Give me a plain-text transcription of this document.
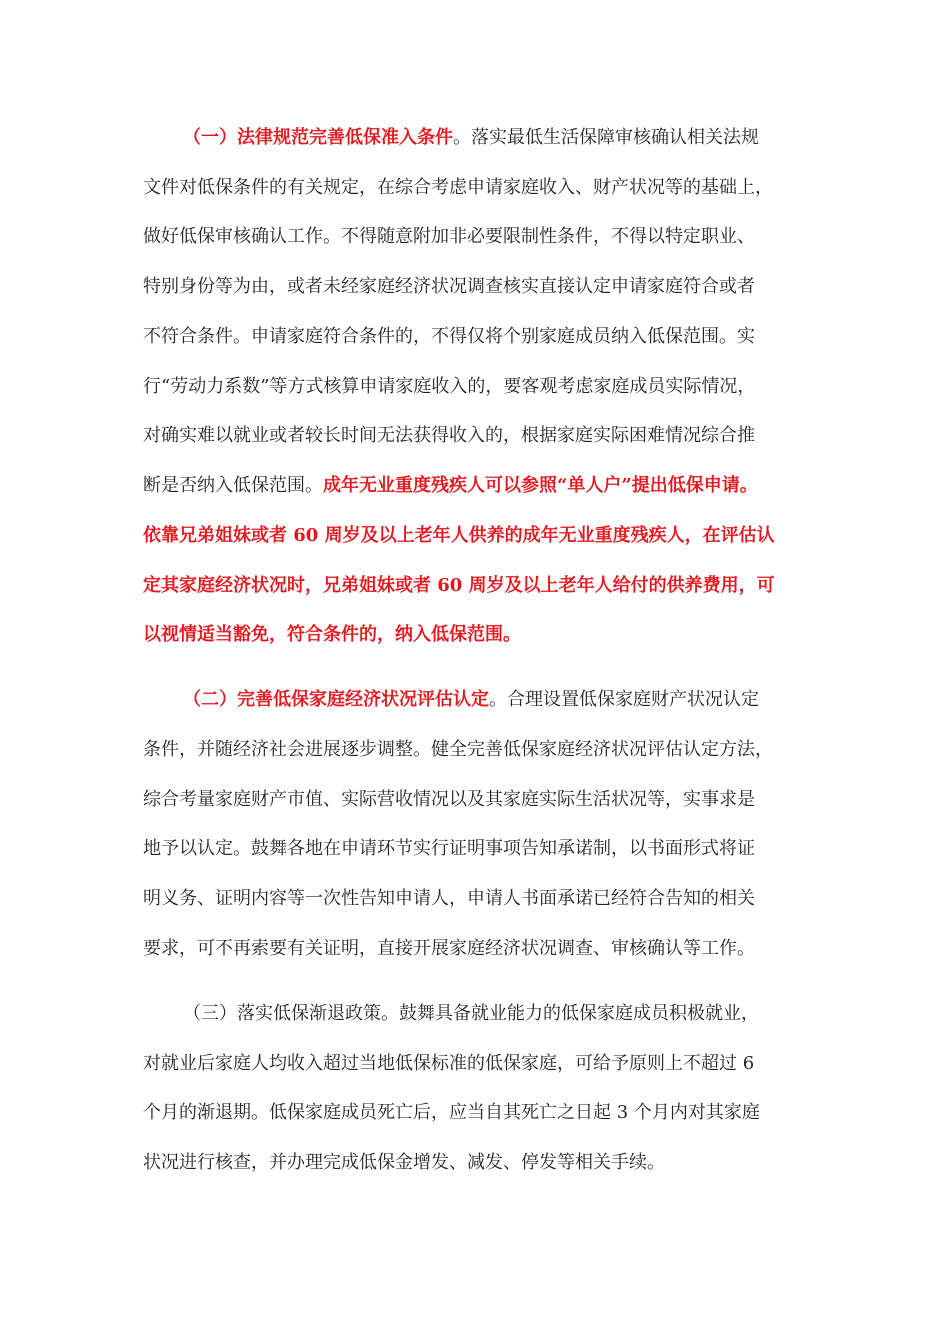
（一）法律规范完善低保准入条件。落实最低生活保障审核确认相关法规
文件对低保条件的有关规定，在综合考虑申请家庭收入、财产状况等的基础上，
做好低保审核确认工作。不得随意附加非必要限制性条件，不得以特定职业、
特别身份等为由，或者未经家庭经济状况调查核实直接认定申请家庭符合或者
不符合条件。申请家庭符合条件的，不得仅将个别家庭成员纳入低保范围。实
行“劳动力系数”等方式核算申请家庭收入的，要客观考虑家庭成员实际情况，
对确实难以就业或者较长时间无法获得收入的，根据家庭实际困难情况综合推
断是否纳入低保范围。成年无业重度残疾人可以参照“单人户”提出低保申请。
依靠兄弟姐妹或者 60 周岁及以上老年人供养的成年无业重度残疾人，在评估认
定其家庭经济状况时，兄弟姐妹或者 60 周岁及以上老年人给付的供养费用，可
以视情适当豁免，符合条件的，纳入低保范围。
（二）完善低保家庭经济状况评估认定。合理设置低保家庭财产状况认定
条件，并随经济社会进展逐步调整。健全完善低保家庭经济状况评估认定方法，
综合考量家庭财产市值、实际营收情况以及其家庭实际生活状况等，实事求是
地予以认定。鼓舞各地在申请环节实行证明事项告知承诺制，以书面形式将证
明义务、证明内容等一次性告知申请人，申请人书面承诺已经符合告知的相关
要求，可不再索要有关证明，直接开展家庭经济状况调查、审核确认等工作。
（三）落实低保渐退政策。鼓舞具备就业能力的低保家庭成员积极就业，
对就业后家庭人均收入超过当地低保标准的低保家庭，可给予原则上不超过 6
个月的渐退期。低保家庭成员死亡后，应当自其死亡之日起 3 个月内对其家庭
状况进行核查，并办理完成低保金增发、减发、停发等相关手续。
